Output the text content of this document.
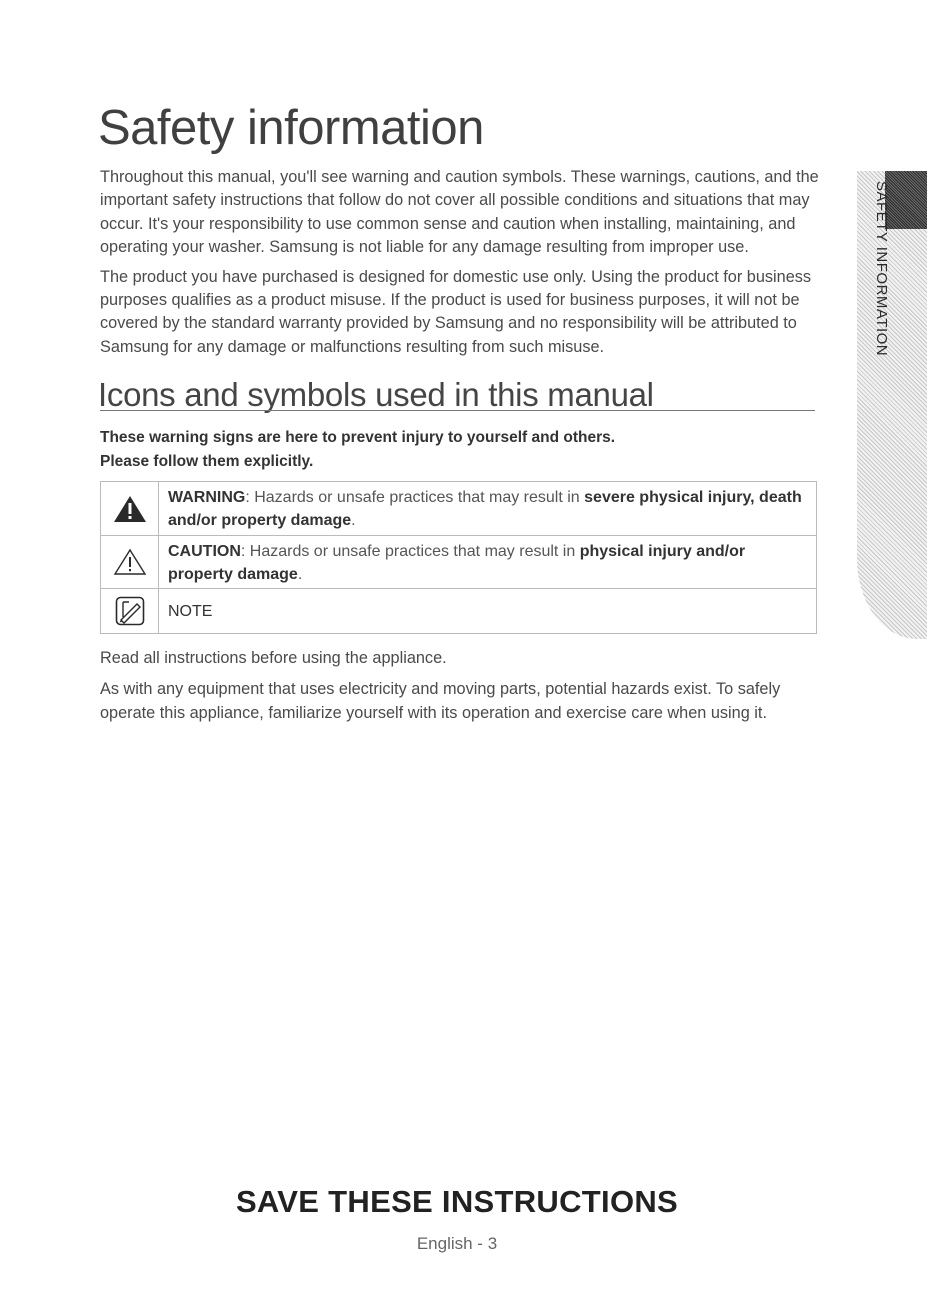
Safety information

Throughout this manual, you'll see warning and caution symbols. These warnings, cautions, and the important safety instructions that follow do not cover all possible conditions and situations that may occur. It's your responsibility to use common sense and caution when installing, maintaining, and operating your washer. Samsung is not liable for any damage resulting from improper use.

The product you have purchased is designed for domestic use only. Using the product for business purposes qualifies as a product misuse. If the product is used for business purposes, it will not be covered by the standard warranty provided by Samsung and no responsibility will be attributed to Samsung for any damage or malfunctions resulting from such misuse.

Icons and symbols used in this manual

These warning signs are here to prevent injury to yourself and others.

Please follow them explicitly.

WARNING: Hazards or unsafe practices that may result in severe physical injury, death and/or property damage.
CAUTION: Hazards or unsafe practices that may result in physical injury and/or property damage.
NOTE

Read all instructions before using the appliance.

As with any equipment that uses electricity and moving parts, potential hazards exist. To safely operate this appliance, familiarize yourself with its operation and exercise care when using it.

SAVE THESE INSTRUCTIONS
English - 3
SAFETY INFORMATION
